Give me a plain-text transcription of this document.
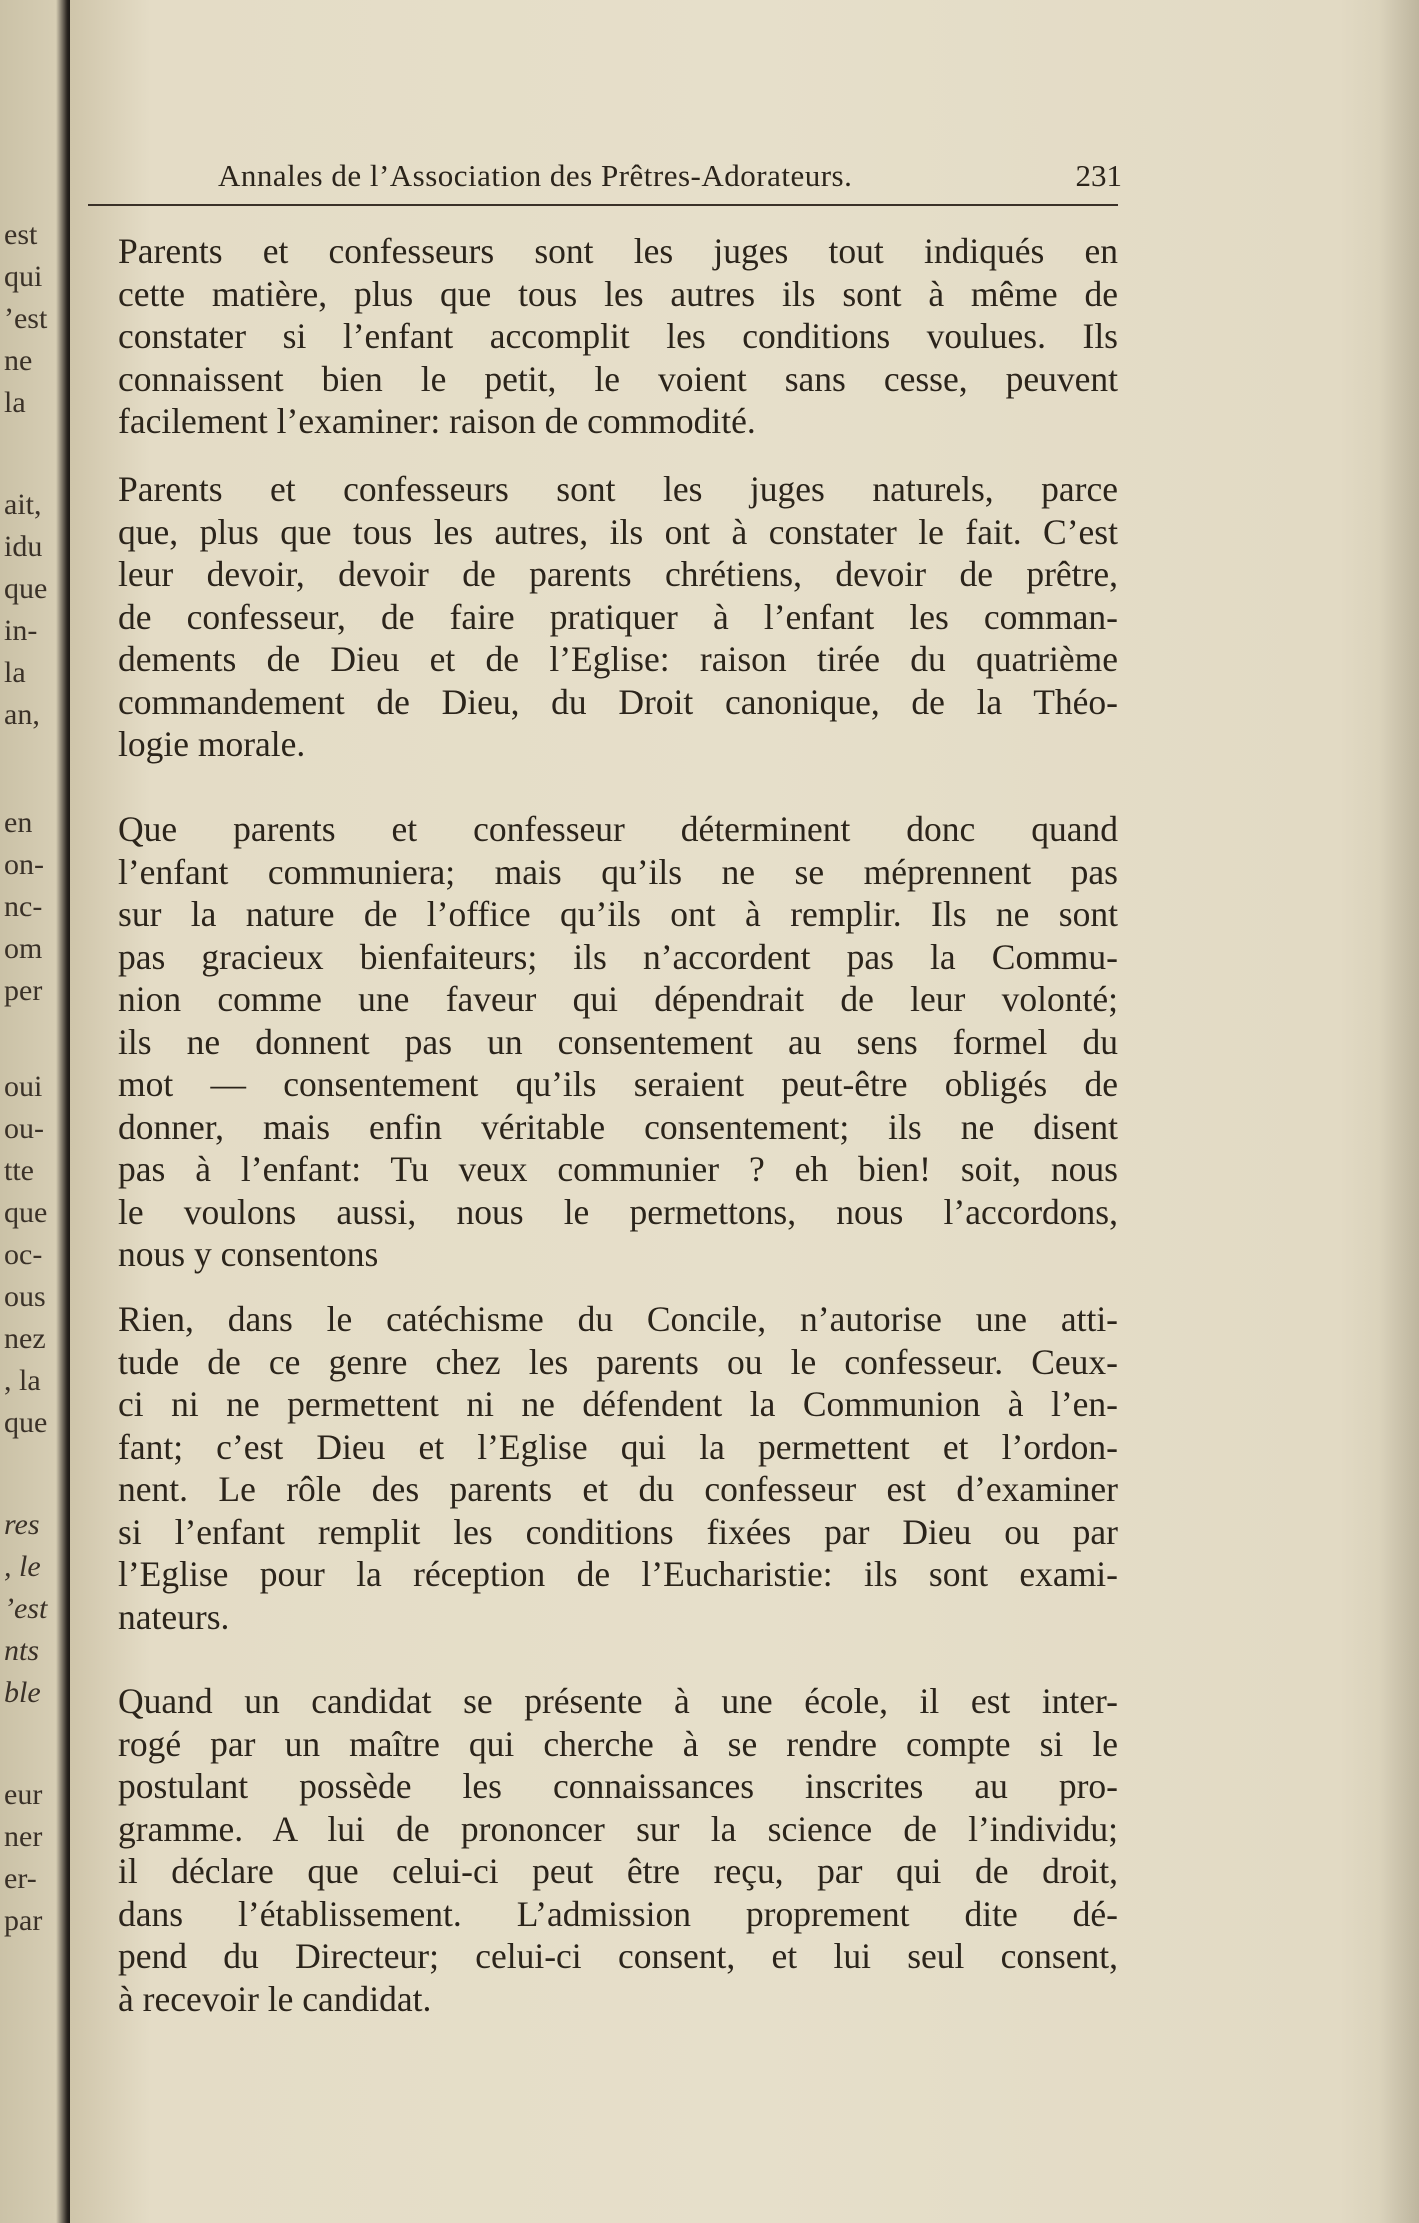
est
qui
’est
ne
la
ait,
idu
que
in-
la
an,
en
on-
nc-
om
per
oui
ou-
tte
que
oc-
ous
nez
, la
que
res
, le
’est
nts
ble
eur
ner
er-
par
Annales de l’Association des Prêtres-Adorateurs.	231
Parents et confesseurs sont les juges tout indiqués en
cette matière, plus que tous les autres ils sont à même de
constater si l’enfant accomplit les conditions voulues. Ils
connaissent bien le petit, le voient sans cesse, peuvent
facilement l’examiner: raison de commodité.
Parents et confesseurs sont les juges naturels, parce
que, plus que tous les autres, ils ont à constater le fait. C’est
leur devoir, devoir de parents chrétiens, devoir de prêtre,
de confesseur, de faire pratiquer à l’enfant les comman-
dements de Dieu et de l’Eglise: raison tirée du quatrième
commandement de Dieu, du Droit canonique, de la Théo-
logie morale.
Que parents et confesseur déterminent donc quand
l’enfant communiera; mais qu’ils ne se méprennent pas
sur la nature de l’office qu’ils ont à remplir. Ils ne sont
pas gracieux bienfaiteurs; ils n’accordent pas la Commu-
nion comme une faveur qui dépendrait de leur volonté;
ils ne donnent pas un consentement au sens formel du
mot — consentement qu’ils seraient peut-être obligés de
donner, mais enfin véritable consentement; ils ne disent
pas à l’enfant: Tu veux communier ? eh bien! soit, nous
le voulons aussi, nous le permettons, nous l’accordons,
nous y consentons
Rien, dans le catéchisme du Concile, n’autorise une atti-
tude de ce genre chez les parents ou le confesseur. Ceux-
ci ni ne permettent ni ne défendent la Communion à l’en-
fant; c’est Dieu et l’Eglise qui la permettent et l’ordon-
nent. Le rôle des parents et du confesseur est d’examiner
si l’enfant remplit les conditions fixées par Dieu ou par
l’Eglise pour la réception de l’Eucharistie: ils sont exami-
nateurs.
Quand un candidat se présente à une école, il est inter-
rogé par un maître qui cherche à se rendre compte si le
postulant possède les connaissances inscrites au pro-
gramme. A lui de prononcer sur la science de l’individu;
il déclare que celui-ci peut être reçu, par qui de droit,
dans l’établissement. L’admission proprement dite dé-
pend du Directeur; celui-ci consent, et lui seul consent,
à recevoir le candidat.
